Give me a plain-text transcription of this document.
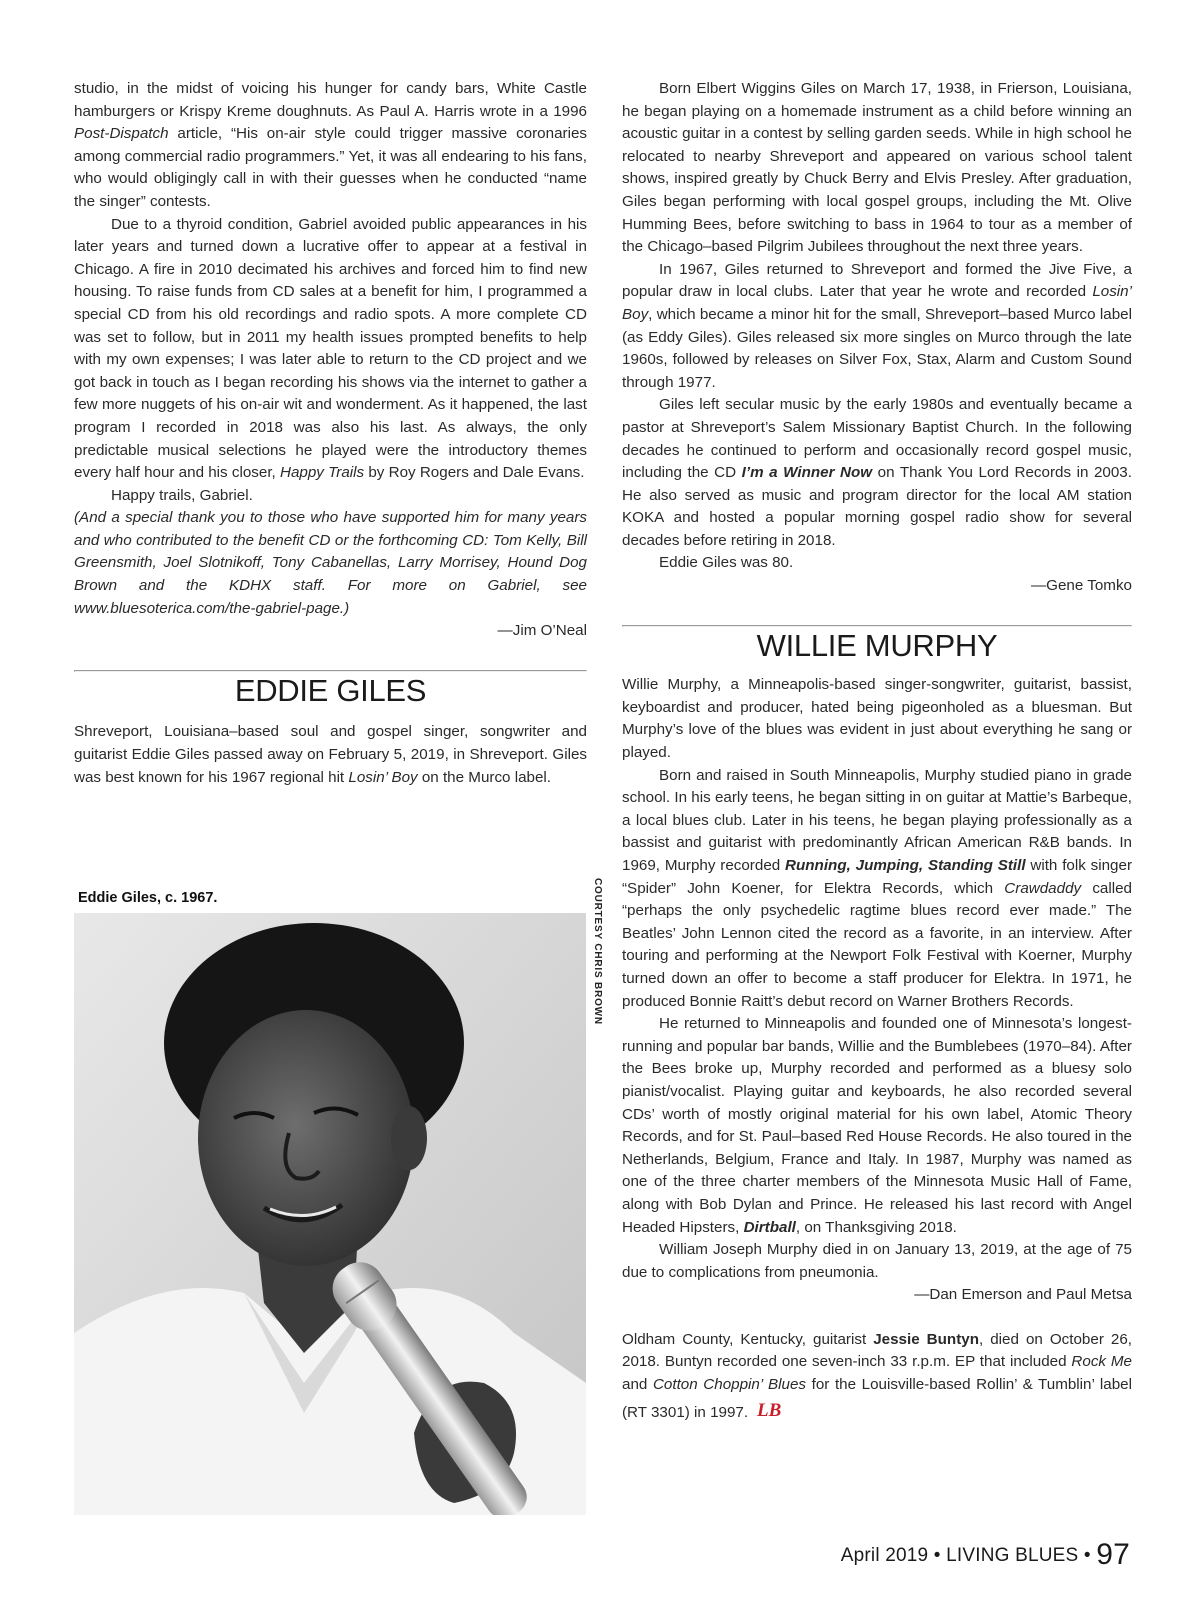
studio, in the midst of voicing his hunger for candy bars, White Castle hamburgers or Krispy Kreme doughnuts. As Paul A. Harris wrote in a 1996 Post-Dispatch article, “His on-air style could trigger massive coronaries among commercial radio programmers.” Yet, it was all endearing to his fans, who would obligingly call in with their guesses when he conducted “name the singer” contests.

Due to a thyroid condition, Gabriel avoided public appearances in his later years and turned down a lucrative offer to appear at a festival in Chicago. A fire in 2010 decimated his archives and forced him to find new housing. To raise funds from CD sales at a benefit for him, I programmed a special CD from his old recordings and radio spots. A more complete CD was set to follow, but in 2011 my health issues prompted benefits to help with my own expenses; I was later able to return to the CD project and we got back in touch as I began recording his shows via the internet to gather a few more nuggets of his on-air wit and wonderment. As it happened, the last program I recorded in 2018 was also his last. As always, the only predictable musical selections he played were the introductory themes every half hour and his closer, Happy Trails by Roy Rogers and Dale Evans.

Happy trails, Gabriel.

(And a special thank you to those who have supported him for many years and who contributed to the benefit CD or the forthcoming CD: Tom Kelly, Bill Greensmith, Joel Slotnikoff, Tony Cabanellas, Larry Morrisey, Hound Dog Brown and the KDHX staff. For more on Gabriel, see www.bluesoterica.com/the-gabriel-page.)

—Jim O’Neal

EDDIE GILES

Shreveport, Louisiana–based soul and gospel singer, songwriter and guitarist Eddie Giles passed away on February 5, 2019, in Shreveport. Giles was best known for his 1967 regional hit Losin’ Boy on the Murco label.

Eddie Giles, c. 1967.	COURTESY CHRIS BROWN

Born Elbert Wiggins Giles on March 17, 1938, in Frierson, Louisiana, he began playing on a homemade instrument as a child before winning an acoustic guitar in a contest by selling garden seeds. While in high school he relocated to nearby Shreveport and appeared on various school talent shows, inspired greatly by Chuck Berry and Elvis Presley. After graduation, Giles began performing with local gospel groups, including the Mt. Olive Humming Bees, before switching to bass in 1964 to tour as a member of the Chicago–based Pilgrim Jubilees throughout the next three years.

In 1967, Giles returned to Shreveport and formed the Jive Five, a popular draw in local clubs. Later that year he wrote and recorded Losin’ Boy, which became a minor hit for the small, Shreveport–based Murco label (as Eddy Giles). Giles released six more singles on Murco through the late 1960s, followed by releases on Silver Fox, Stax, Alarm and Custom Sound through 1977.

Giles left secular music by the early 1980s and eventually became a pastor at Shreveport’s Salem Missionary Baptist Church. In the following decades he continued to perform and occasionally record gospel music, including the CD I’m a Winner Now on Thank You Lord Records in 2003. He also served as music and program director for the local AM station KOKA and hosted a popular morning gospel radio show for several decades before retiring in 2018.

Eddie Giles was 80.

—Gene Tomko

WILLIE MURPHY

Willie Murphy, a Minneapolis-based singer-songwriter, guitarist, bassist, keyboardist and producer, hated being pigeonholed as a bluesman. But Murphy’s love of the blues was evident in just about everything he sang or played.

Born and raised in South Minneapolis, Murphy studied piano in grade school. In his early teens, he began sitting in on guitar at Mattie’s Barbeque, a local blues club. Later in his teens, he began playing professionally as a bassist and guitarist with predominantly African American R&B bands. In 1969, Murphy recorded Running, Jumping, Standing Still with folk singer “Spider” John Koener, for Elektra Records, which Crawdaddy called “perhaps the only psychedelic ragtime blues record ever made.” The Beatles’ John Lennon cited the record as a favorite, in an interview. After touring and performing at the Newport Folk Festival with Koerner, Murphy turned down an offer to become a staff producer for Elektra. In 1971, he produced Bonnie Raitt’s debut record on Warner Brothers Records.

He returned to Minneapolis and founded one of Minnesota’s longest-running and popular bar bands, Willie and the Bumblebees (1970–84). After the Bees broke up, Murphy recorded and performed as a bluesy solo pianist/vocalist. Playing guitar and keyboards, he also recorded several CDs’ worth of mostly original material for his own label, Atomic Theory Records, and for St. Paul–based Red House Records. He also toured in the Netherlands, Belgium, France and Italy. In 1987, Murphy was named as one of the three charter members of the Minnesota Music Hall of Fame, along with Bob Dylan and Prince. He released his last record with Angel Headed Hipsters, Dirtball, on Thanksgiving 2018.

William Joseph Murphy died in on January 13, 2019, at the age of 75 due to complications from pneumonia.

—Dan Emerson and Paul Metsa

Oldham County, Kentucky, guitarist Jessie Buntyn, died on October 26, 2018. Buntyn recorded one seven-inch 33 r.p.m. EP that included Rock Me and Cotton Choppin’ Blues for the Louisville-based Rollin’ & Tumblin’ label (RT 3301) in 1997. LB

April 2019 • LIVING BLUES • 97
